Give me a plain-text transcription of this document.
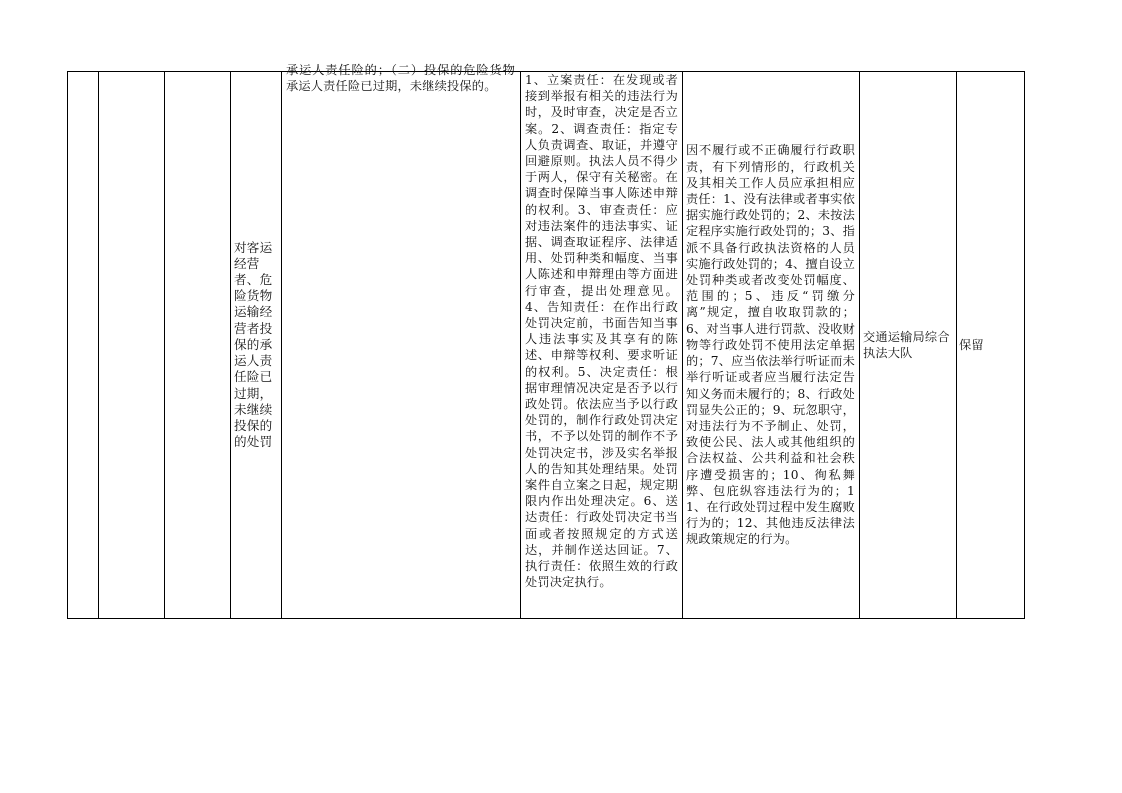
对客运经营者、危险货物运输经营者投保的承运人责任险已过期，未继续投保的的处罚
承运人责任险的；（二）投保的危险货物承运人责任险已过期，未继续投保的。	1、立案责任：在发现或者接到举报有相关的违法行为时，及时审查，决定是否立案。2、调查责任：指定专人负责调查、取证，并遵守回避原则。执法人员不得少于两人，保守有关秘密。在调查时保障当事人陈述申辩的权利。3、审查责任：应对违法案件的违法事实、证据、调查取证程序、法律适用、处罚种类和幅度、当事人陈述和申辩理由等方面进行审查，提出处理意见。4、告知责任：在作出行政处罚决定前，书面告知当事人违法事实及其享有的陈述、申辩等权利、要求听证的权利。5、决定责任：根据审理情况决定是否予以行政处罚。依法应当予以行政处罚的，制作行政处罚决定书，不予以处罚的制作不予处罚决定书，涉及实名举报人的告知其处理结果。处罚案件自立案之日起，规定期限内作出处理决定。6、送达责任：行政处罚决定书当面或者按照规定的方式送达，并制作送达回证。7、执行责任：依照生效的行政处罚决定执行。
因不履行或不正确履行行政职责，有下列情形的，行政机关及其相关工作人员应承担相应责任：1、没有法律或者事实依据实施行政处罚的；2、未按法定程序实施行政处罚的；3、指派不具备行政执法资格的人员实施行政处罚的；4、擅自设立处罚种类或者改变处罚幅度、范围的；5、违反“罚缴分离”规定，擅自收取罚款的；6、对当事人进行罚款、没收财物等行政处罚不使用法定单据的；7、应当依法举行听证而未举行听证或者应当履行法定告知义务而未履行的；8、行政处罚显失公正的；9、玩忽职守，对违法行为不予制止、处罚，致使公民、法人或其他组织的合法权益、公共利益和社会秩序遭受损害的；10、徇私舞弊、包庇纵容违法行为的；11、在行政处罚过程中发生腐败行为的；12、其他违反法律法规政策规定的行为。
交通运输局综合执法大队
保留
